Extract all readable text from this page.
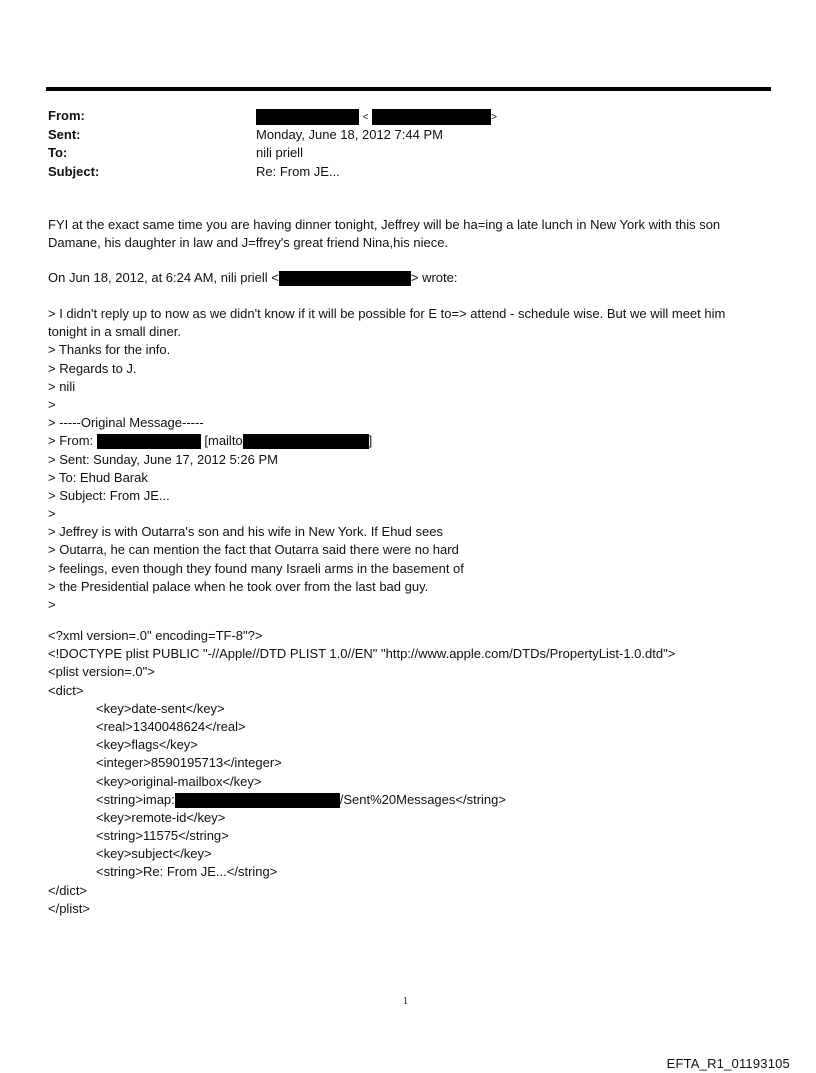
From:	<	>
Sent:	Monday, June 18, 2012 7:44 PM
To:	nili priell
Subject:	Re: From JE...
FYI at the exact same time you are having dinner tonight, Jeffrey will be ha=ing a late lunch in New York with this son
Damane, his daughter in law and J=ffrey's great friend Nina,his niece.
On Jun 18, 2012, at 6:24 AM, nili priell <	> wrote:
> I didn't reply up to now as we didn't know if it will be possible for E to=> attend - schedule wise. But we will meet him
tonight in a small diner.
> Thanks for the info.
> Regards to J.
> nili
>
> -----Original Message-----
> From:	[mailto	]
> Sent: Sunday, June 17, 2012 5:26 PM
> To: Ehud Barak
> Subject: From JE...
>
> Jeffrey is with Outarra's son and his wife in New York. If Ehud sees
> Outarra, he can mention the fact that Outarra said there were no hard
> feelings, even though they found many Israeli arms in the basement of
> the Presidential palace when he took over from the last bad guy.
>
<?xml version=.0" encoding=TF-8"?>
<!DOCTYPE plist PUBLIC "-//Apple//DTD PLIST 1.0//EN" "http://www.apple.com/DTDs/PropertyList-1.0.dtd">
<plist version=.0">
<dict>
<key>date-sent</key>
<real>1340048624</real>
<key>flags</key>
<integer>8590195713</integer>
<key>original-mailbox</key>
<string>imap:	/Sent%20Messages</string>
<key>remote-id</key>
<string>11575</string>
<key>subject</key>
<string>Re: From JE...</string>
</dict>
</plist>
1
EFTA_R1_01193105
